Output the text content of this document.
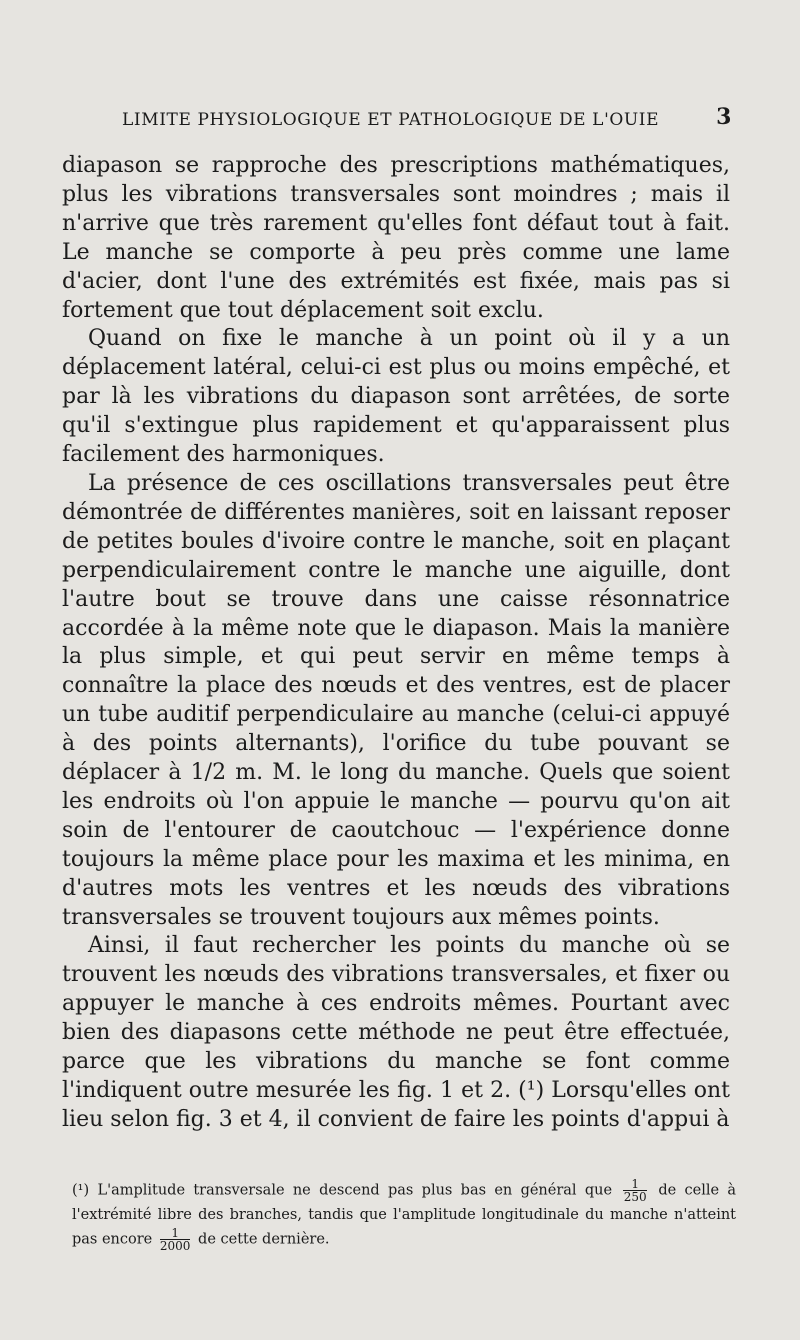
LIMITE PHYSIOLOGIQUE ET PATHOLOGIQUE DE L'OUIE	3

diapason se rapproche des prescriptions mathématiques, plus les vibrations transversales sont moindres ; mais il n'arrive que très rarement qu'elles font défaut tout à fait. Le manche se comporte à peu près comme une lame d'acier, dont l'une des extrémités est fixée, mais pas si fortement que tout déplacement soit exclu.

Quand on fixe le manche à un point où il y a un déplacement latéral, celui-ci est plus ou moins empêché, et par là les vibrations du diapason sont arrêtées, de sorte qu'il s'extingue plus rapidement et qu'apparaissent plus facilement des harmoniques.

La présence de ces oscillations transversales peut être démontrée de différentes manières, soit en laissant reposer de petites boules d'ivoire contre le manche, soit en plaçant perpendiculairement contre le manche une aiguille, dont l'autre bout se trouve dans une caisse résonnatrice accordée à la même note que le diapason. Mais la manière la plus simple, et qui peut servir en même temps à connaître la place des nœuds et des ventres, est de placer un tube auditif perpendiculaire au manche (celui-ci appuyé à des points alternants), l'orifice du tube pouvant se déplacer à 1/2 m. M. le long du manche. Quels que soient les endroits où l'on appuie le manche — pourvu qu'on ait soin de l'entourer de caoutchouc — l'expérience donne toujours la même place pour les maxima et les minima, en d'autres mots les ventres et les nœuds des vibrations transversales se trouvent toujours aux mêmes points.

Ainsi, il faut rechercher les points du manche où se trouvent les nœuds des vibrations transversales, et fixer ou appuyer le manche à ces endroits mêmes. Pourtant avec bien des diapasons cette méthode ne peut être effectuée, parce que les vibrations du manche se font comme l'indiquent outre mesurée les fig. 1 et 2. (¹) Lorsqu'elles ont lieu selon fig. 3 et 4, il convient de faire les points d'appui à

(¹) L'amplitude transversale ne descend pas plus bas en général que $\frac{1}{250}$ de celle à l'extrémité libre des branches, tandis que l'amplitude longitudinale du manche n'atteint pas encore $\frac{1}{2000}$ de cette dernière.
